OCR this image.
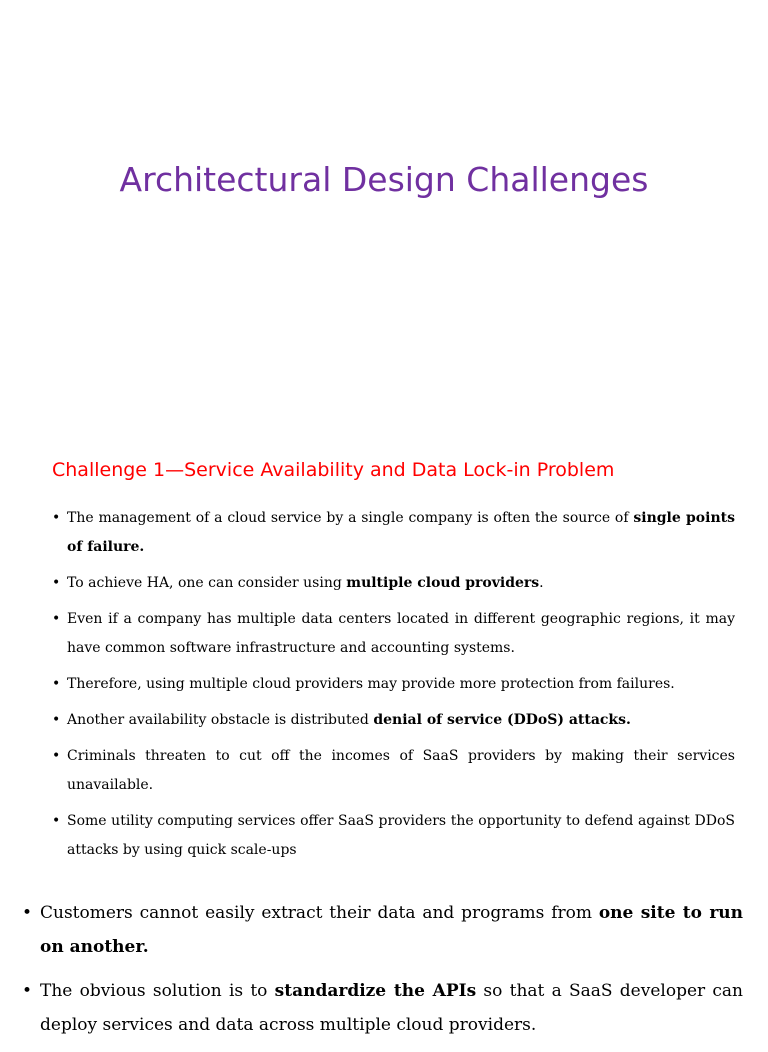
Architectural Design Challenges
Challenge 1—Service Availability and Data Lock-in Problem
• The management of a cloud service by a single company is often the source of single points of failure.
• To achieve HA, one can consider using multiple cloud providers.
• Even if a company has multiple data centers located in different geographic regions, it may have common software infrastructure and accounting systems.
• Therefore, using multiple cloud providers may provide more protection from failures.
• Another availability obstacle is distributed denial of service (DDoS) attacks.
• Criminals threaten to cut off the incomes of SaaS providers by making their services unavailable.
• Some utility computing services offer SaaS providers the opportunity to defend against DDoS attacks by using quick scale-ups
• Customers cannot easily extract their data and programs from one site to run on another.
• The obvious solution is to standardize the APIs so that a SaaS developer can deploy services and data across multiple cloud providers.
